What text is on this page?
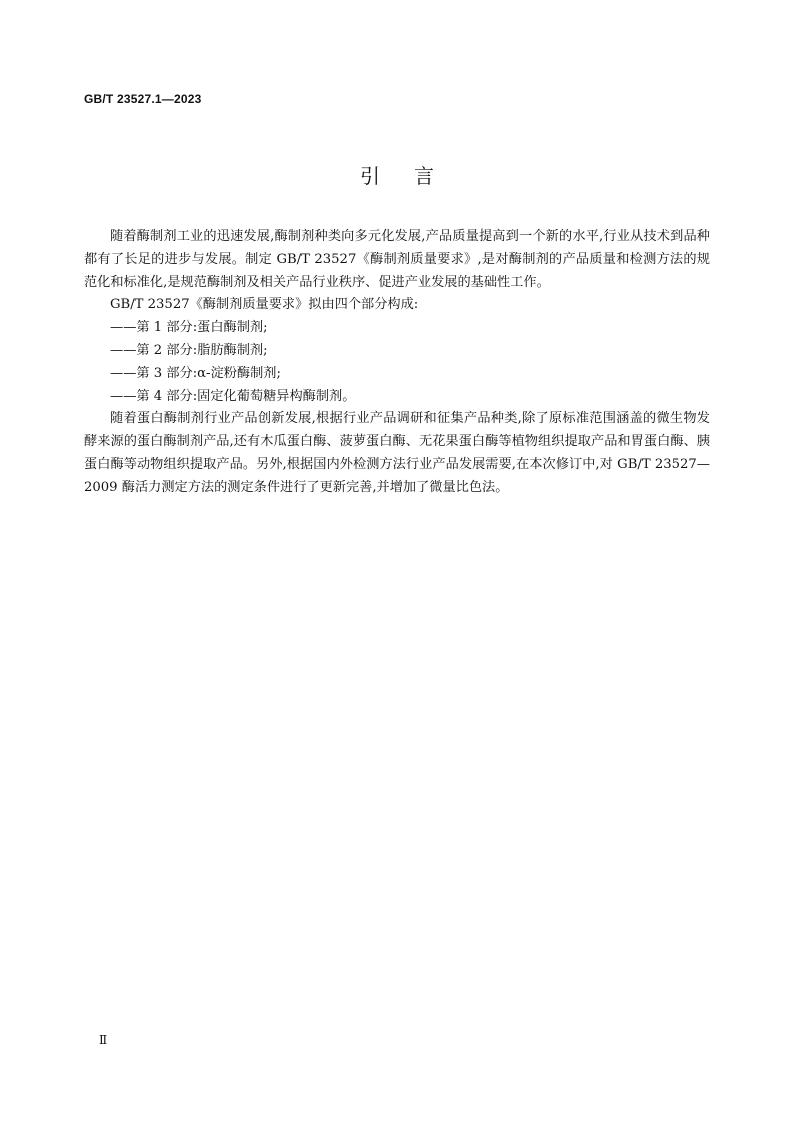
GB/T 23527.1—2023
引言

随着酶制剂工业的迅速发展,酶制剂种类向多元化发展,产品质量提高到一个新的水平,行业从技术到品种都有了长足的进步与发展。制定 GB/T 23527《酶制剂质量要求》,是对酶制剂的产品质量和检测方法的规范化和标准化,是规范酶制剂及相关产品行业秩序、促进产业发展的基础性工作。

GB/T 23527《酶制剂质量要求》拟由四个部分构成:

——第 1 部分:蛋白酶制剂;

——第 2 部分:脂肪酶制剂;

——第 3 部分:α-淀粉酶制剂;

——第 4 部分:固定化葡萄糖异构酶制剂。

随着蛋白酶制剂行业产品创新发展,根据行业产品调研和征集产品种类,除了原标准范围涵盖的微生物发酵来源的蛋白酶制剂产品,还有木瓜蛋白酶、菠萝蛋白酶、无花果蛋白酶等植物组织提取产品和胃蛋白酶、胰蛋白酶等动物组织提取产品。另外,根据国内外检测方法行业产品发展需要,在本次修订中,对 GB/T 23527—2009 酶活力测定方法的测定条件进行了更新完善,并增加了微量比色法。

Ⅱ
